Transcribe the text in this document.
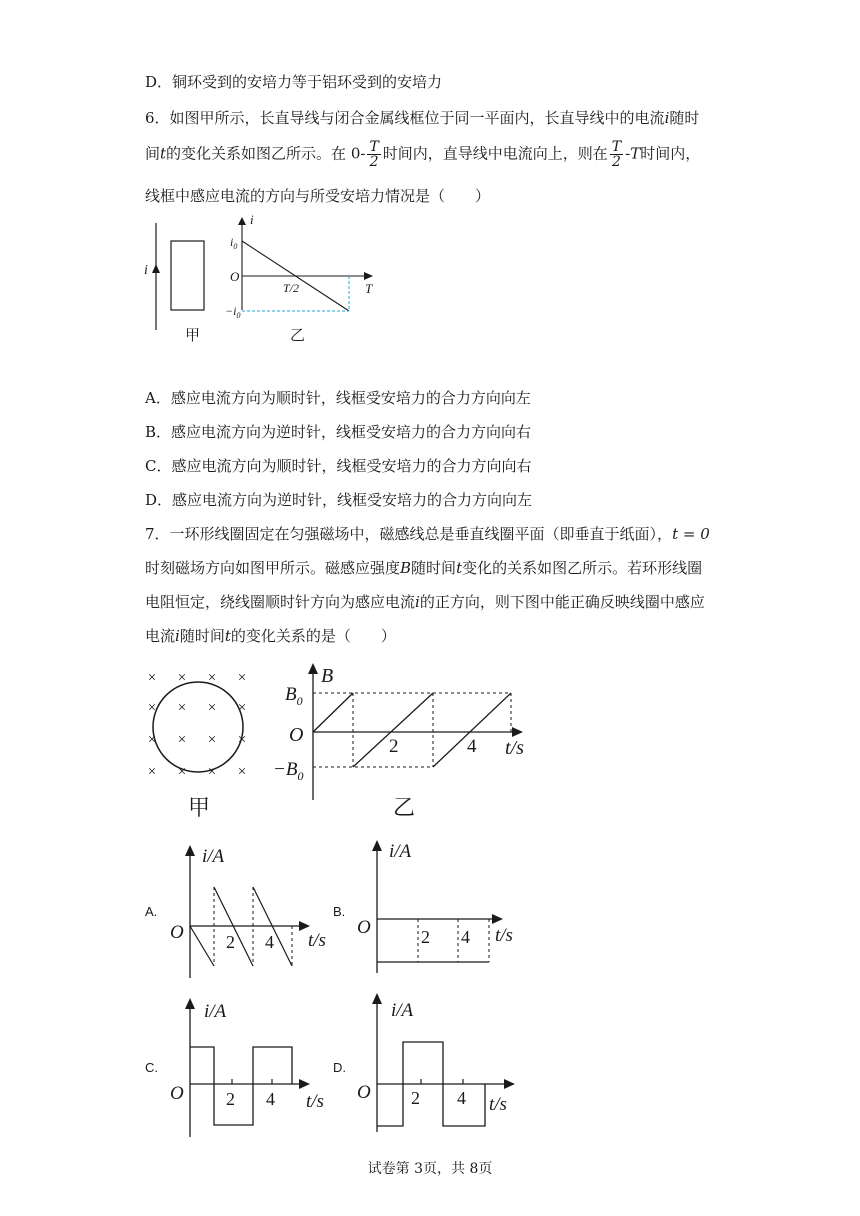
D．铜环受到的安培力等于铝环受到的安培力
6．如图甲所示，长直导线与闭合金属线框位于同一平面内，长直导线中的电流i随时
间t的变化关系如图乙所示。在 $0- \frac{T}{2}$ 时间内，直导线中电流向上，则在 $\frac{T}{2} -T$时间内，
线框中感应电流的方向与所受安培力情况是（　　）
i
甲
i
T
O
$i_0$
$-i_0$
T/2
乙
A．感应电流方向为顺时针，线框受安培力的合力方向向左
B．感应电流方向为逆时针，线框受安培力的合力方向向右
C．感应电流方向为顺时针，线框受安培力的合力方向向右
D．感应电流方向为逆时针，线框受安培力的合力方向向左
7．一环形线圈固定在匀强磁场中，磁感线总是垂直线圈平面（即垂直于纸面），t = 0
时刻磁场方向如图甲所示。磁感应强度B随时间t变化的关系如图乙所示。若环形线圈
电阻恒定，绕线圈顺时针方向为感应电流i的正方向，则下图中能正确反映线圈中感应
电流i随时间t的变化关系的是（　　）
甲
× × × ×
× × × ×
× × × ×
× × × ×
B
t/s
O
$B_0$
$-B_0$
2	4
乙
A.
i/A
t/s
O 2 4
B.
i/A
t/s
O	2 4
C.
i/A
t/s
O 2 4
D.
i/A
t/s
O 2 4
试卷第 3页，共 8页
